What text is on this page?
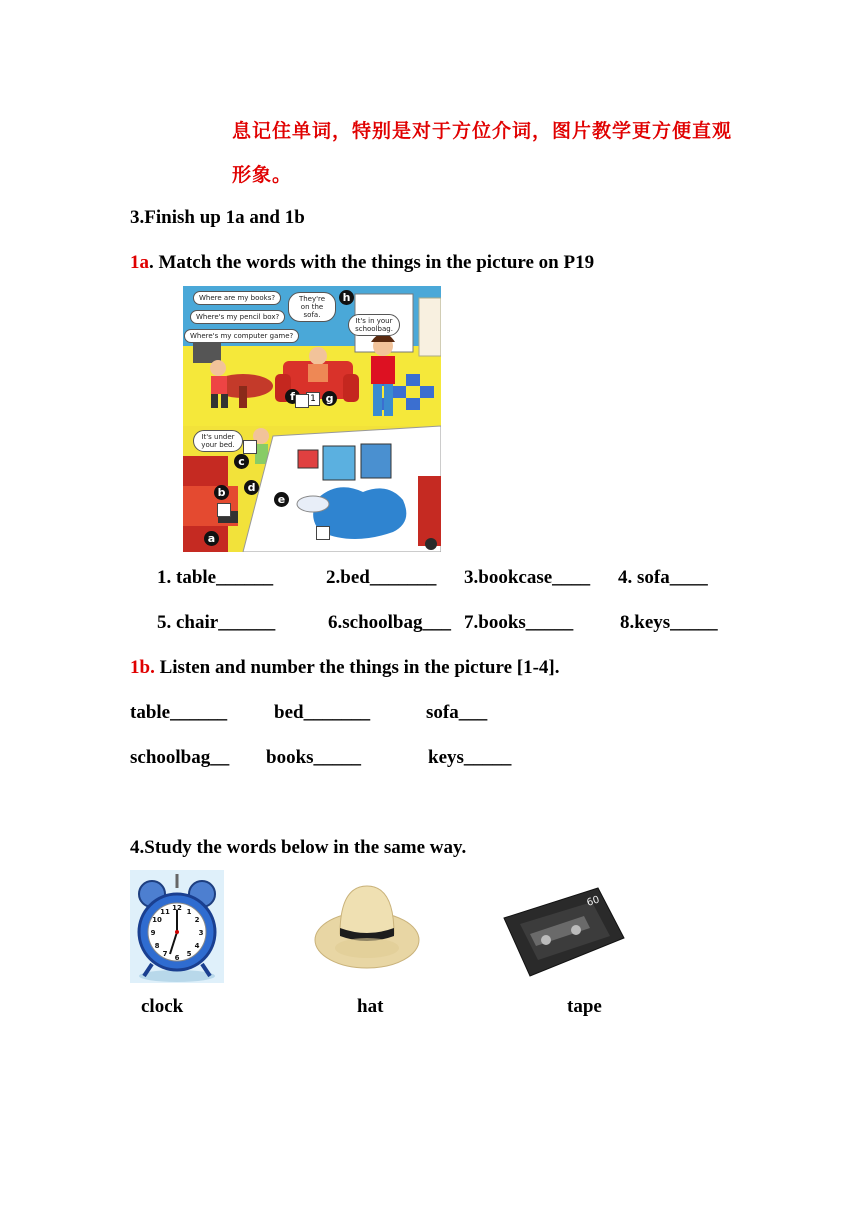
息记住单词，特别是对于方位介词，图片教学更方便直观
形象。
3.Finish up 1a and 1b
1a. Match the words with the things in the picture on P19
Where are my books?
Where's my pencil box?
Where's my computer game?
They're on the sofa.
It's in your schoolbag.
It's under your bed.
a
b
c
d
e
f	g
h
1
1. table______	2.bed_______ 3.bookcase____ 4. sofa____
5. chair______	6.schoolbag___ 7.books_____ 8.keys_____
1b. Listen and number the things in the picture [1-4].
table______ bed_______	sofa___
schoolbag__ books_____	keys_____
4.Study the words below in the same way.
12
3
6
9
1
2
4
5
7
8
10
11
60
clock	hat	tape
